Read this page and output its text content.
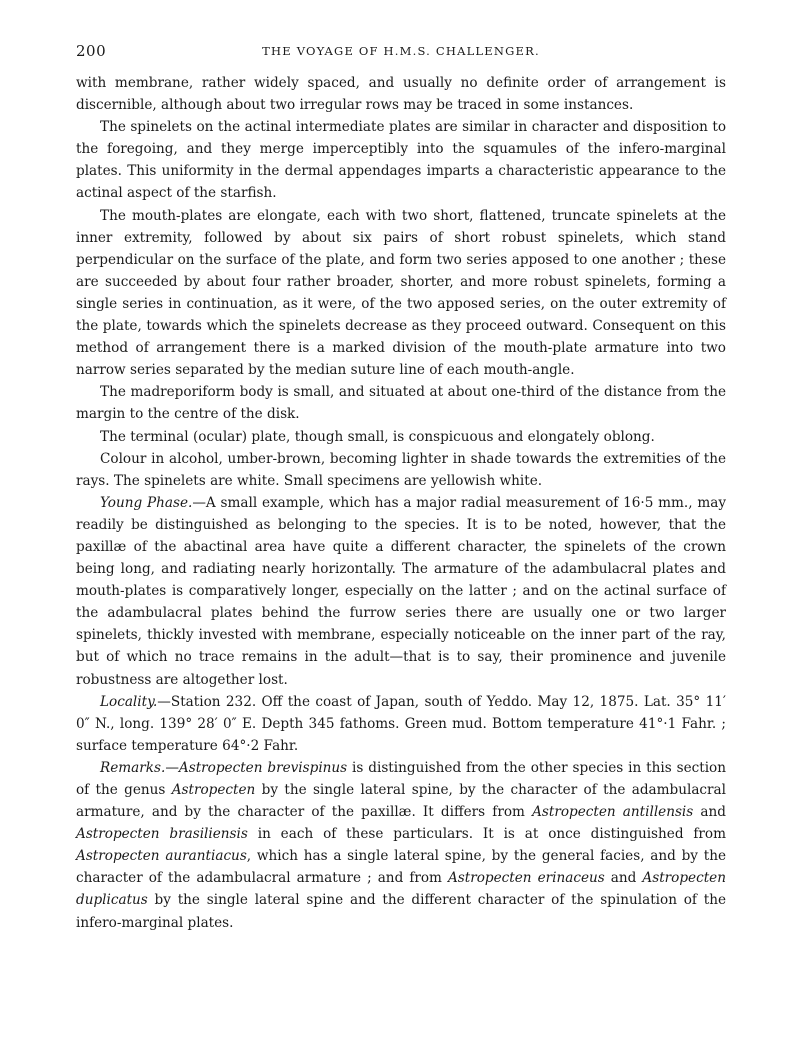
200	THE VOYAGE OF H.M.S. CHALLENGER.

with membrane, rather widely spaced, and usually no definite order of arrangement is discernible, although about two irregular rows may be traced in some instances.

The spinelets on the actinal intermediate plates are similar in character and disposition to the foregoing, and they merge imperceptibly into the squamules of the infero-marginal plates. This uniformity in the dermal appendages imparts a characteristic appearance to the actinal aspect of the starfish.

The mouth-plates are elongate, each with two short, flattened, truncate spinelets at the inner extremity, followed by about six pairs of short robust spinelets, which stand perpendicular on the surface of the plate, and form two series apposed to one another ; these are succeeded by about four rather broader, shorter, and more robust spinelets, forming a single series in continuation, as it were, of the two apposed series, on the outer extremity of the plate, towards which the spinelets decrease as they proceed outward. Consequent on this method of arrangement there is a marked division of the mouth-plate armature into two narrow series separated by the median suture line of each mouth-angle.

The madreporiform body is small, and situated at about one-third of the distance from the margin to the centre of the disk.

The terminal (ocular) plate, though small, is conspicuous and elongately oblong.

Colour in alcohol, umber-brown, becoming lighter in shade towards the extremities of the rays. The spinelets are white. Small specimens are yellowish white.

Young Phase.—A small example, which has a major radial measurement of 16·5 mm., may readily be distinguished as belonging to the species. It is to be noted, however, that the paxillæ of the abactinal area have quite a different character, the spinelets of the crown being long, and radiating nearly horizontally. The armature of the adambulacral plates and mouth-plates is comparatively longer, especially on the latter ; and on the actinal surface of the adambulacral plates behind the furrow series there are usually one or two larger spinelets, thickly invested with membrane, especially noticeable on the inner part of the ray, but of which no trace remains in the adult—that is to say, their prominence and juvenile robustness are altogether lost.

Locality.—Station 232. Off the coast of Japan, south of Yeddo. May 12, 1875. Lat. 35° 11′ 0″ N., long. 139° 28′ 0″ E. Depth 345 fathoms. Green mud. Bottom temperature 41°·1 Fahr. ; surface temperature 64°·2 Fahr.

Remarks.—Astropecten brevispinus is distinguished from the other species in this section of the genus Astropecten by the single lateral spine, by the character of the adambulacral armature, and by the character of the paxillæ. It differs from Astropecten antillensis and Astropecten brasiliensis in each of these particulars. It is at once distinguished from Astropecten aurantiacus, which has a single lateral spine, by the general facies, and by the character of the adambulacral armature ; and from Astropecten erinaceus and Astropecten duplicatus by the single lateral spine and the different character of the spinulation of the infero-marginal plates.
